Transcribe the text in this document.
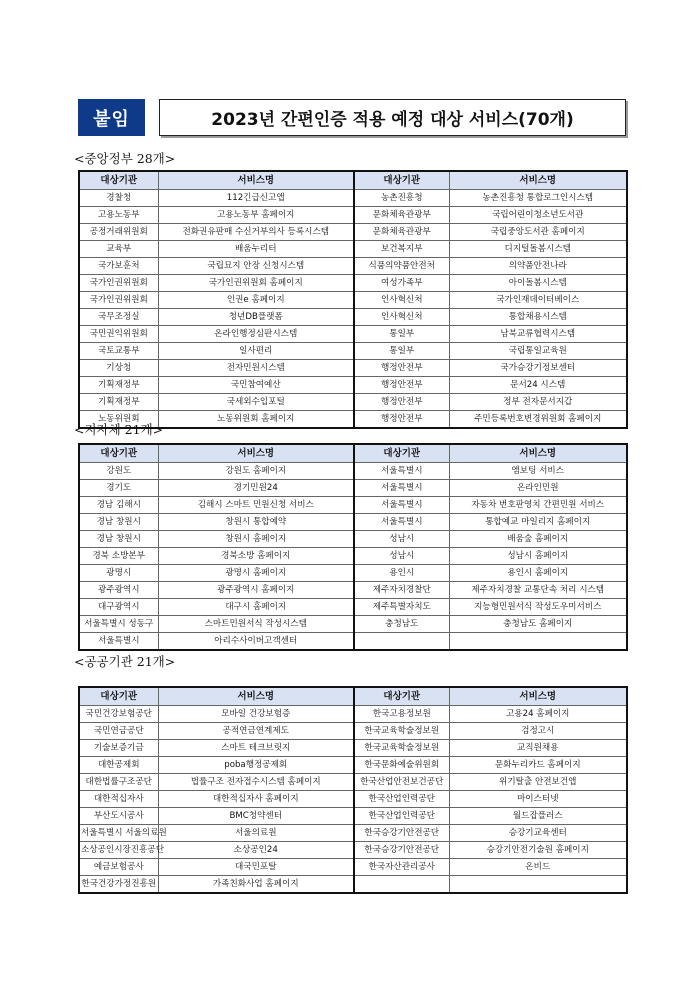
붙임	2023년 간편인증 적용 예정 대상 서비스(70개)
<중앙정부 28개>
대상기관	서비스명	대상기관	서비스명
경찰청	112긴급신고앱	농촌진흥청	농촌진흥청 통합로그인시스템
고용노동부	고용노동부 홈페이지	문화체육관광부	국립어린이청소년도서관
공정거래위원회	전화권유판매 수신거부의사 등록시스템	문화체육관광부	국립중앙도서관 홈페이지
교육부	배움누리터	보건복지부	디지털돌봄시스템
국가보훈처	국립묘지 안장 신청시스템	식품의약품안전처	의약품안전나라
국가인권위원회	국가인권위원회 홈페이지	여성가족부	아이돌봄시스템
국가인권위원회	인권e 홈페이지	인사혁신처	국가인재데이터베이스
국무조정실	청년DB플랫폼	인사혁신처	통합채용시스템
국민권익위원회	온라인행정심판시스템	통일부	남북교류협력시스템
국토교통부	일사편리	통일부	국립통일교육원
기상청	전자민원시스템	행정안전부	국가승강기정보센터
기획재정부	국민참여예산	행정안전부	문서24 시스템
기획재정부	국세외수입포털	행정안전부	정부 전자문서지갑
노동위원회	노동위원회 홈페이지	행정안전부	주민등록번호변경위원회 홈페이지
<지자체 21개>
대상기관	서비스명	대상기관	서비스명
강원도	강원도 홈페이지	서울특별시	엠보팅 서비스
경기도	경기민원24	서울특별시	온라인민원
경남 김해시	김해시 스마트 민원신청 서비스	서울특별시	자동차 번호판영치 간편민원 서비스
경남 창원시	창원시 통합예약	서울특별시	통합예교 마일리지 홈페이지
경남 창원시	창원시 홈페이지	성남시	배움숲 홈페이지
경북 소방본부	경북소방 홈페이지	성남시	성남시 홈페이지
광명시	광명시 홈페이지	용인시	용인시 홈페이지
광주광역시	광주광역시 홈페이지	제주자치경찰단	제주자치경찰 교통단속 처리 시스템
대구광역시	대구시 홈페이지	제주특별자치도	지능형민원서식 작성도우미서비스
서울특별시 성동구	스마트민원서식 작성시스템	충청남도	충청남도 홈페이지
서울특별시	아리수사이버고객센터		
<공공기관 21개>
대상기관	서비스명	대상기관	서비스명
국민건강보험공단	모바일 건강보험증	한국고용정보원	고용24 홈페이지
국민연금공단	공적연금연계제도	한국교육학술정보원	검정고시
기술보증기금	스마트 테크브릿지	한국교육학술정보원	교직원채용
대한공제회	poba행정공제회	한국문화예술위원회	문화누리카드 홈페이지
대한법률구조공단	법률구조 전자접수시스템 홈페이지	한국산업안전보건공단	위기탈출 안전보건앱
대한적십자사	대한적십자사 홈페이지	한국산업인력공단	마이스터넷
부산도시공사	BMC청약센터	한국산업인력공단	월드잡플러스
서울특별시 서울의료원	서울의료원	한국승강기안전공단	승강기교육센터
소상공인시장진흥공단	소상공인24	한국승강기안전공단	승강기안전기술원 홈페이지
예금보험공사	대국민포탈	한국자산관리공사	온비드
한국건강가정진흥원	가족친화사업 홈페이지		
